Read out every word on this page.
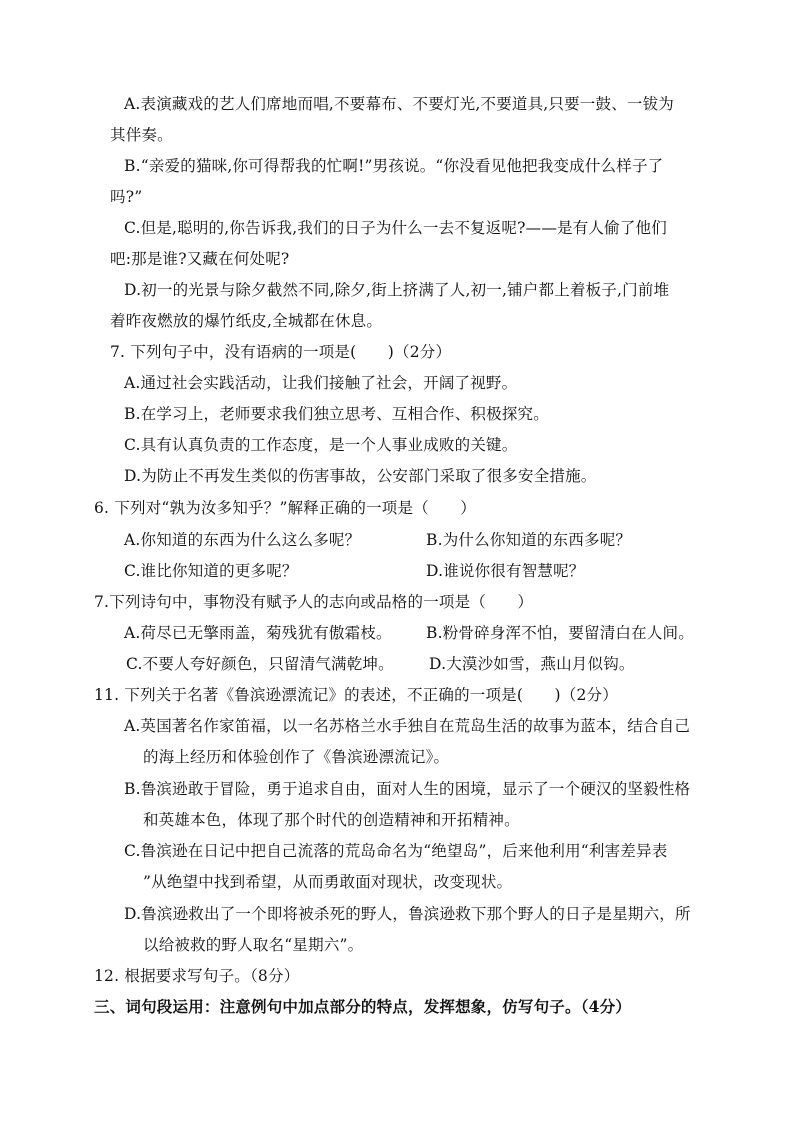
A.表演藏戏的艺人们席地而唱,不要幕布、不要灯光,不要道具,只要一鼓、一钹为
其伴奏。
B.“亲爱的猫咪,你可得帮我的忙啊!”男孩说。“你没看见他把我变成什么样子了
吗?”
C.但是,聪明的,你告诉我,我们的日子为什么一去不复返呢?——是有人偷了他们
吧:那是谁?又藏在何处呢?
D.初一的光景与除夕截然不同,除夕,街上挤满了人,初一,铺户都上着板子,门前堆
着昨夜燃放的爆竹纸皮,全城都在休息。
7. 下列句子中，没有语病的一项是(　　)（2分）
A.通过社会实践活动，让我们接触了社会，开阔了视野。
B.在学习上，老师要求我们独立思考、互相合作、积极探究。
C.具有认真负责的工作态度，是一个人事业成败的关键。
D.为防止不再发生类似的伤害事故，公安部门采取了很多安全措施。
6. 下列对“孰为汝多知乎？”解释正确的一项是（　　）
A.你知道的东西为什么这么多呢？	B.为什么你知道的东西多呢？
C.谁比你知道的更多呢？	D.谁说你很有智慧呢？
7.下列诗句中，事物没有赋予人的志向或品格的一项是（　　）
A.荷尽已无擎雨盖，菊残犹有傲霜枝。 B.粉骨碎身浑不怕，要留清白在人间。
C.不要人夸好颜色，只留清气满乾坤。 D.大漠沙如雪，燕山月似钩。
11. 下列关于名著《鲁滨逊漂流记》的表述，不正确的一项是(　　)（2分）
A.英国著名作家笛福，以一名苏格兰水手独自在荒岛生活的故事为蓝本，结合自己
的海上经历和体验创作了《鲁滨逊漂流记》。
B.鲁滨逊敢于冒险，勇于追求自由，面对人生的困境，显示了一个硬汉的坚毅性格
和英雄本色，体现了那个时代的创造精神和开拓精神。
C.鲁滨逊在日记中把自己流落的荒岛命名为“绝望岛”，后来他利用“利害差异表
”从绝望中找到希望，从而勇敢面对现状，改变现状。
D.鲁滨逊救出了一个即将被杀死的野人，鲁滨逊救下那个野人的日子是星期六，所
以给被救的野人取名“星期六”。
12. 根据要求写句子。（8分）
三、词句段运用：注意例句中加点部分的特点，发挥想象，仿写句子。（4分）
